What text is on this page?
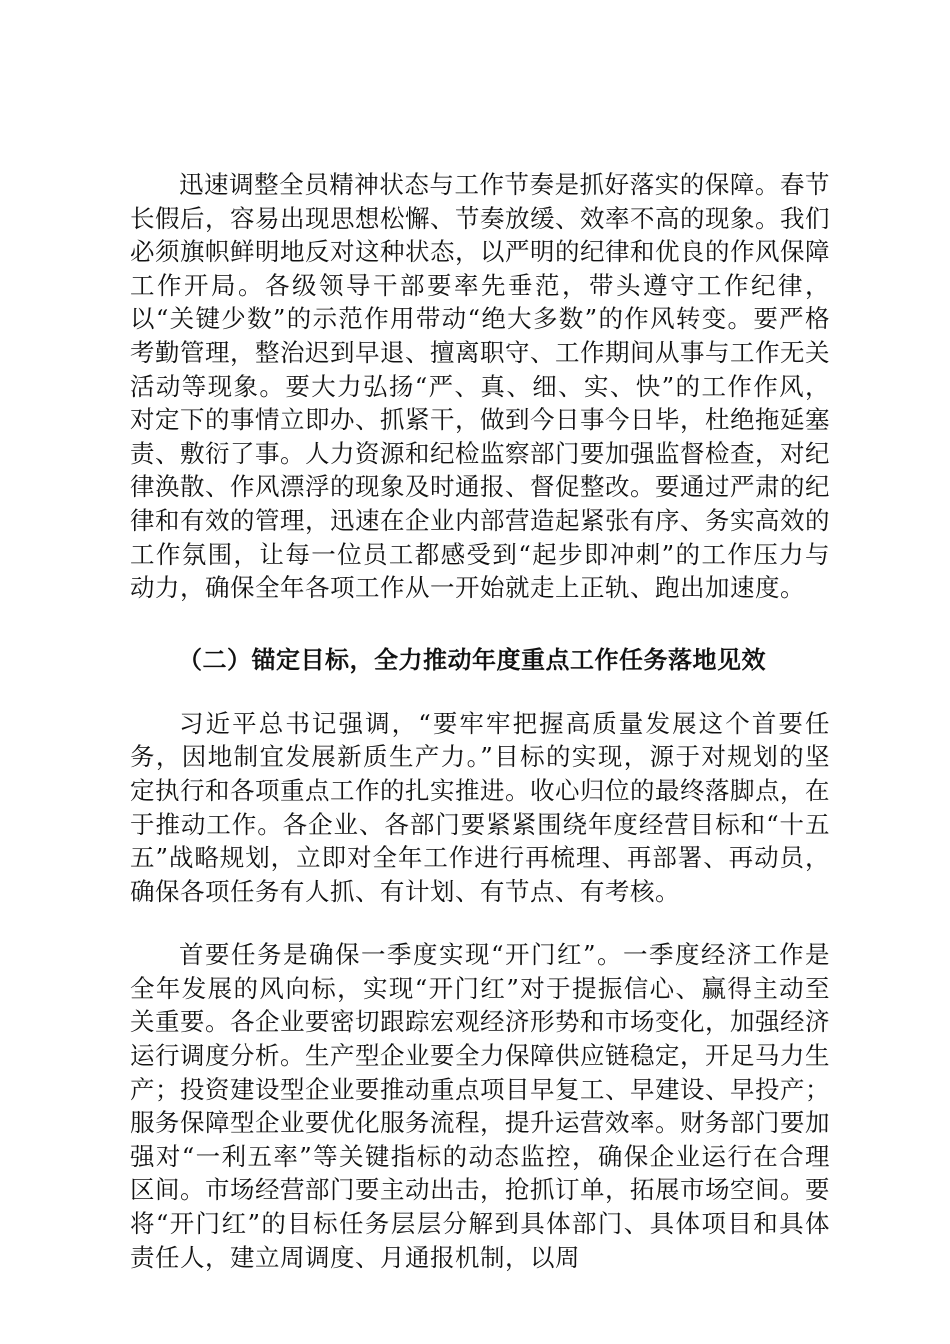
迅速调整全员精神状态与工作节奏是抓好落实的保障。春节长假后，容易出现思想松懈、节奏放缓、效率不高的现象。我们必须旗帜鲜明地反对这种状态，以严明的纪律和优良的作风保障工作开局。各级领导干部要率先垂范，带头遵守工作纪律，以“关键少数”的示范作用带动“绝大多数”的作风转变。要严格考勤管理，整治迟到早退、擅离职守、工作期间从事与工作无关活动等现象。要大力弘扬“严、真、细、实、快”的工作作风，对定下的事情立即办、抓紧干，做到今日事今日毕，杜绝拖延塞责、敷衍了事。人力资源和纪检监察部门要加强监督检查，对纪律涣散、作风漂浮的现象及时通报、督促整改。要通过严肃的纪律和有效的管理，迅速在企业内部营造起紧张有序、务实高效的工作氛围，让每一位员工都感受到“起步即冲刺”的工作压力与动力，确保全年各项工作从一开始就走上正轨、跑出加速度。

（二）锚定目标，全力推动年度重点工作任务落地见效

习近平总书记强调，“要牢牢把握高质量发展这个首要任务，因地制宜发展新质生产力。”目标的实现，源于对规划的坚定执行和各项重点工作的扎实推进。收心归位的最终落脚点，在于推动工作。各企业、各部门要紧紧围绕年度经营目标和“十五五”战略规划，立即对全年工作进行再梳理、再部署、再动员，确保各项任务有人抓、有计划、有节点、有考核。

首要任务是确保一季度实现“开门红”。一季度经济工作是全年发展的风向标，实现“开门红”对于提振信心、赢得主动至关重要。各企业要密切跟踪宏观经济形势和市场变化，加强经济运行调度分析。生产型企业要全力保障供应链稳定，开足马力生产；投资建设型企业要推动重点项目早复工、早建设、早投产；服务保障型企业要优化服务流程，提升运营效率。财务部门要加强对“一利五率”等关键指标的动态监控，确保企业运行在合理区间。市场经营部门要主动出击，抢抓订单，拓展市场空间。要将“开门红”的目标任务层层分解到具体部门、具体项目和具体责任人，建立周调度、月通报机制，以周
